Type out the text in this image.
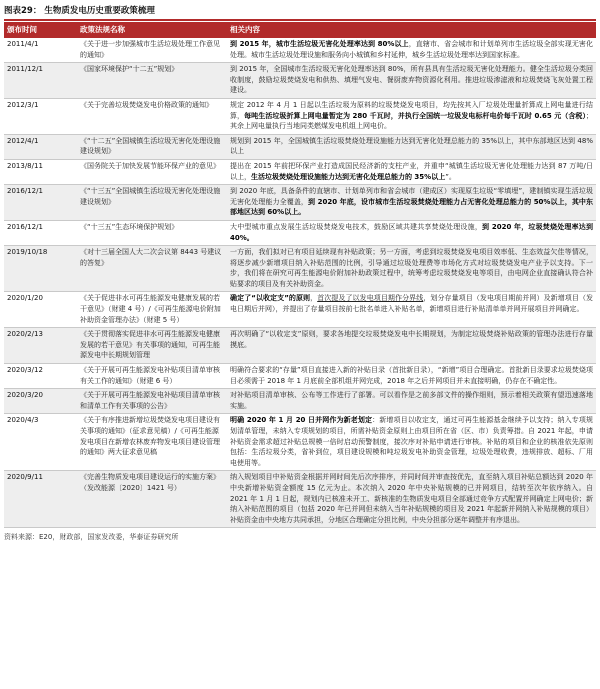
图表29： 生物质发电历史重要政策梳理
颁布时间	政策法规名称	相关内容
2011/4/1	《关于进一步加强城市生活垃圾处理工作意见的通知》	到 2015 年，城市生活垃圾无害化处理率达到 80%以上，直辖市、省会城市和计划单列市生活垃圾全部实现无害化处理。城市生活垃圾处理设施和服务向小城镇和乡村延伸，城乡生活垃圾处理率达到国家标准。
2011/12/1	《国家环境保护“十二五”规划》	到 2015 年，全国城市生活垃圾无害化处理率达到 80%，所有县具有生活垃圾无害化处理能力。健全生活垃圾分类回收制度，鼓励垃圾焚烧发电和供热、填埋气发电、餐厨废弃物资源化利用。推进垃圾渗滤液和垃圾焚烧飞灰处置工程建设。
2012/3/1	《关于完善垃圾焚烧发电价格政策的通知》	规定 2012 年 4 月 1 日起以生活垃圾为原料的垃圾焚烧发电项目，均先按其入厂垃圾处理量折算成上网电量进行结算，每吨生活垃圾折算上网电量暂定为 280 千瓦时，并执行全国统一垃圾发电标杆电价每千瓦时 0.65 元（含税）；其余上网电量执行当地同类燃煤发电机组上网电价。
2012/4/1	《“十二五”全国城镇生活垃圾无害化处理设施建设规划》	规划到 2015 年，全国城镇生活垃圾焚烧处理设施能力达到无害化处理总能力的 35%以上，其中东部地区达到 48%以上
2013/8/11	《国务院关于加快发展节能环保产业的意见》	提出在 2015 年前把环保产业打造成国民经济新的支柱产业，并重申“城镇生活垃圾无害化处理能力达到 87 万吨/日以上，生活垃圾焚烧处理设施能力达到无害化处理总能力的 35%以上”。
2016/12/1	《“十三五”全国城镇生活垃圾无害化处理设施建设规划》	到 2020 年底，具备条件的直辖市、计划单列市和省会城市（建成区）实现原生垃圾“零填埋”，建制镇实现生活垃圾无害化处理能力全覆盖，到 2020 年底，设市城市生活垃圾焚烧处理能力占无害化处理总能力的 50%以上，其中东部地区达到 60%以上。
2016/12/1	《“十三五”生态环境保护规划》	大中型城市重点发展生活垃圾焚烧发电技术，鼓励区域共建共享焚烧处理设施，到 2020 年，垃圾焚烧处理率达到 40%。
2019/10/18	《对十三届全国人大二次会议第 8443 号建议的答复》	一方面，我们拟对已有项目延续现有补贴政策；另一方面，考虑到垃圾焚烧发电项目效率低、生态效益欠佳等情况，将逐步减少新增项目纳入补贴范围的比例，引导通过垃圾处理费等市场化方式对垃圾焚烧发电产业予以支持。下一步，我们将在研究可再生能源电价附加补助政策过程中，统筹考虑垃圾焚烧发电等项目，由电网企业直接确认符合补贴要求的项目及有关补助资金。
2020/1/20	《关于促进非水可再生能源发电健康发展的若干意见》（财建 4 号）/《可再生能源电价附加补助资金管理办法》（财建 5 号）	确定了“以收定支”的原则，首次提及了以发电项目期作分界线，划分存量项目（发电项目期前并网）及新增项目（发电日期后并网），并提出了存量项目按前七批名单进入补贴名单，新增项目进行补贴清单单并网开展项目并网确定。
2020/2/13	《关于贯彻落实促进非水可再生能源发电健康发展的若干意见》有关事项的通知，可再生能源发电中长期规划管理	再次明确了“以收定支”原则，要求各地提交垃圾焚烧发电中长期规划，为制定垃圾焚烧补贴政策的管理办法进行存量摸底。
2020/3/12	《关于开展可再生能源发电补贴项目清单审核有关工作的通知》（财建 6 号）	明确符合要求的“存量”项目直接进入新的补贴目录（首批新目录），“新增”项目合理确定。首批新目录要求垃圾焚烧项目必须需于 2018 年 1 月底前全部机组并网完成，2018 年之后并网项目并未直接明确，仍存在不确定性。
2020/3/20	《关于开展可再生能源发电补贴项目清单审核和清单工作有关事项的公告》	对补贴项目清单审核、公布等工作进行了部署。可以看作是之前多部文件的操作细则，预示着相关政策有望迅速落地实施。
2020/4/3	《关于有序推进新增垃圾焚烧发电项目建设有关事项的通知》（征求意见稿）/《可再生能源发电项目在新增农林废弃物发电项目建设管理的通知》两大征求意见稿	明确 2020 年 1 月 20 日并网作为新老划定：新增项目以收定支，通过可再生能源基金继续予以支持；纳入专项规划清单管理，未纳入专项规划的项目，所需补贴资金原则上由项目所在省（区、市）负责筹措。自 2021 年起，申请补贴资金需求超过补贴总规模一倍时启动预警制度，接次序对补贴申请进行审核。补贴的项目和企业的核准依先原则包括：生活垃圾分类，省补到位，项目建设规模和吨垃圾发电补助资金管理，垃圾处理收费，违规排放、超标、厂用电使用等。
2020/9/11	《完善生物质发电项目建设运行的实施方案》（发改能源〔2020〕1421 号）	纳入规划项目中补贴资金根据并网时间先后次序排序，并同时间并审查按优先，直至纳入项目补贴总额达到 2020 年中央新增补贴资金额度 15 亿元为止。本次纳入 2020 年中央补贴规模的已并网项目，结转至次年依序纳入。自 2021 年 1 月 1 日起，规划内已核准未开工、新核准的生物质发电项目全部通过竞争方式配置并网确定上网电价；新纳入补贴范围的项目（包括 2020 年已并网但未纳入当年补贴规模的项目及 2021 年起新并网纳入补贴规模的项目）补贴资金由中央地方共同承担，分地区合理确定分担比例，中央分担部分逐年调整并有序退出。
资料来源：E20，财政部，国家发改委，华泰证券研究所
